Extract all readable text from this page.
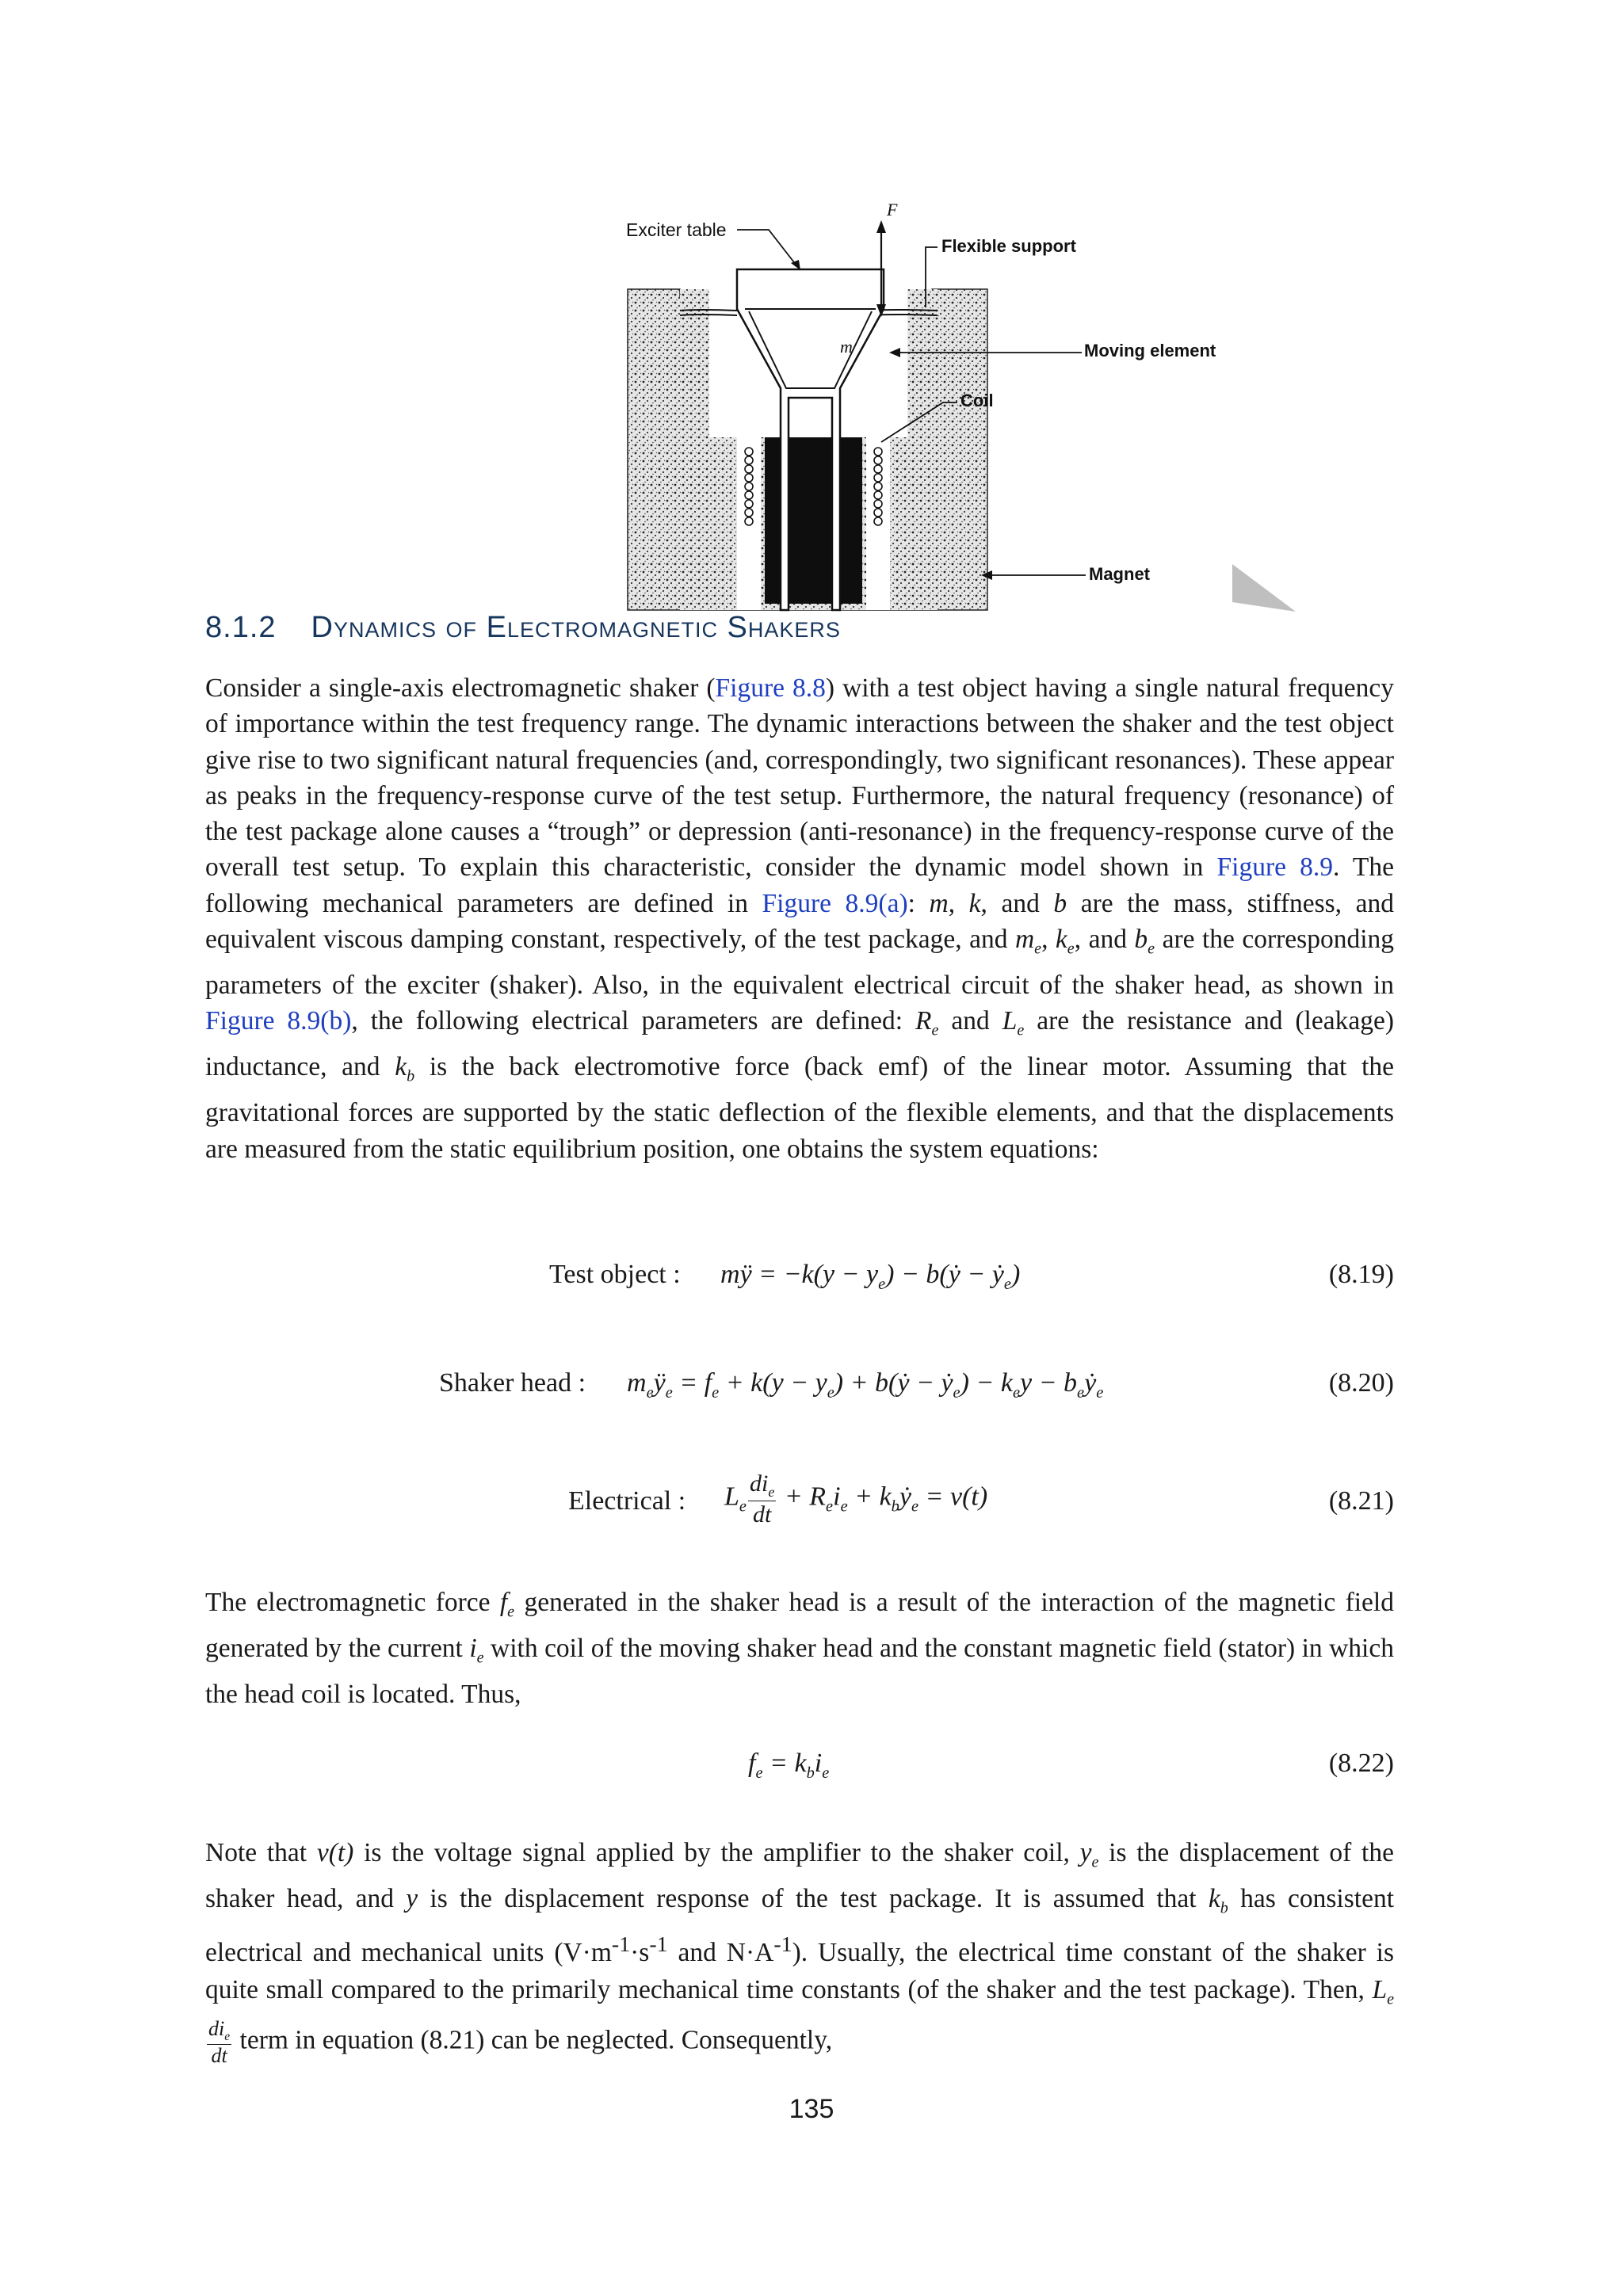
F
m
Exciter table
Flexible support
Moving element
Coil
Magnet
8.1.2 Dynamics of Electromagnetic Shakers

Consider a single-axis electromagnetic shaker (Figure 8.8) with a test object having a single natural frequency of importance within the test frequency range. The dynamic interactions between the shaker and the test object give rise to two significant natural frequencies (and, correspondingly, two significant resonances). These appear as peaks in the frequency-response curve of the test setup. Furthermore, the natural frequency (resonance) of the test package alone causes a “trough” or depression (anti-resonance) in the frequency-response curve of the overall test setup. To explain this characteristic, consider the dynamic model shown in Figure 8.9. The following mechanical parameters are defined in Figure 8.9(a): m, k, and b are the mass, stiffness, and equivalent viscous damping constant, respectively, of the test package, and $m_e$, $k_e$, and $b_e$ are the corresponding parameters of the exciter (shaker). Also, in the equivalent electrical circuit of the shaker head, as shown in Figure 8.9(b), the following electrical parameters are defined: $R_e$ and $L_e$ are the resistance and (leakage) inductance, and $k_b$ is the back electromotive force (back emf) of the linear motor. Assuming that the gravitational forces are supported by the static deflection of the flexible elements, and that the displacements are measured from the static equilibrium position, one obtains the system equations:

Test object : mÿ = $-k(y - y_e)$ − b(ẏ − ẏ$_e$)	(8.19)
Shaker head : $m_eÿ_e = f_e + k(y - y_e)$ + b(ẏ − ẏ$_e$) − $k_ey$ − $b_eẏ_e$	(8.20)
Electrical : $L_e \frac{di_e}{dt} + R_ei_e$ + $k_bẏ_e = v(t)$	(8.21)

The electromagnetic force $f_e$ generated in the shaker head is a result of the interaction of the magnetic field generated by the current $i_e$ with coil of the moving shaker head and the constant magnetic field (stator) in which the head coil is located. Thus,

$f_e = k_bi_e$	(8.22)

Note that v(t) is the voltage signal applied by the amplifier to the shaker coil, $y_e$ is the displacement of the shaker head, and y is the displacement response of the test package. It is assumed that $k_b$ has consistent electrical and mechanical units ($V\cdot m^{-1}\cdot s^{-1}$ and $N\cdot A^{-1}$). Usually, the electrical time constant of the shaker is quite small compared to the primarily mechanical time constants (of the shaker and the test package). Then, $L_e$
$\frac{di_e}{dt}$ term in equation (8.21) can be neglected. Consequently,

135
